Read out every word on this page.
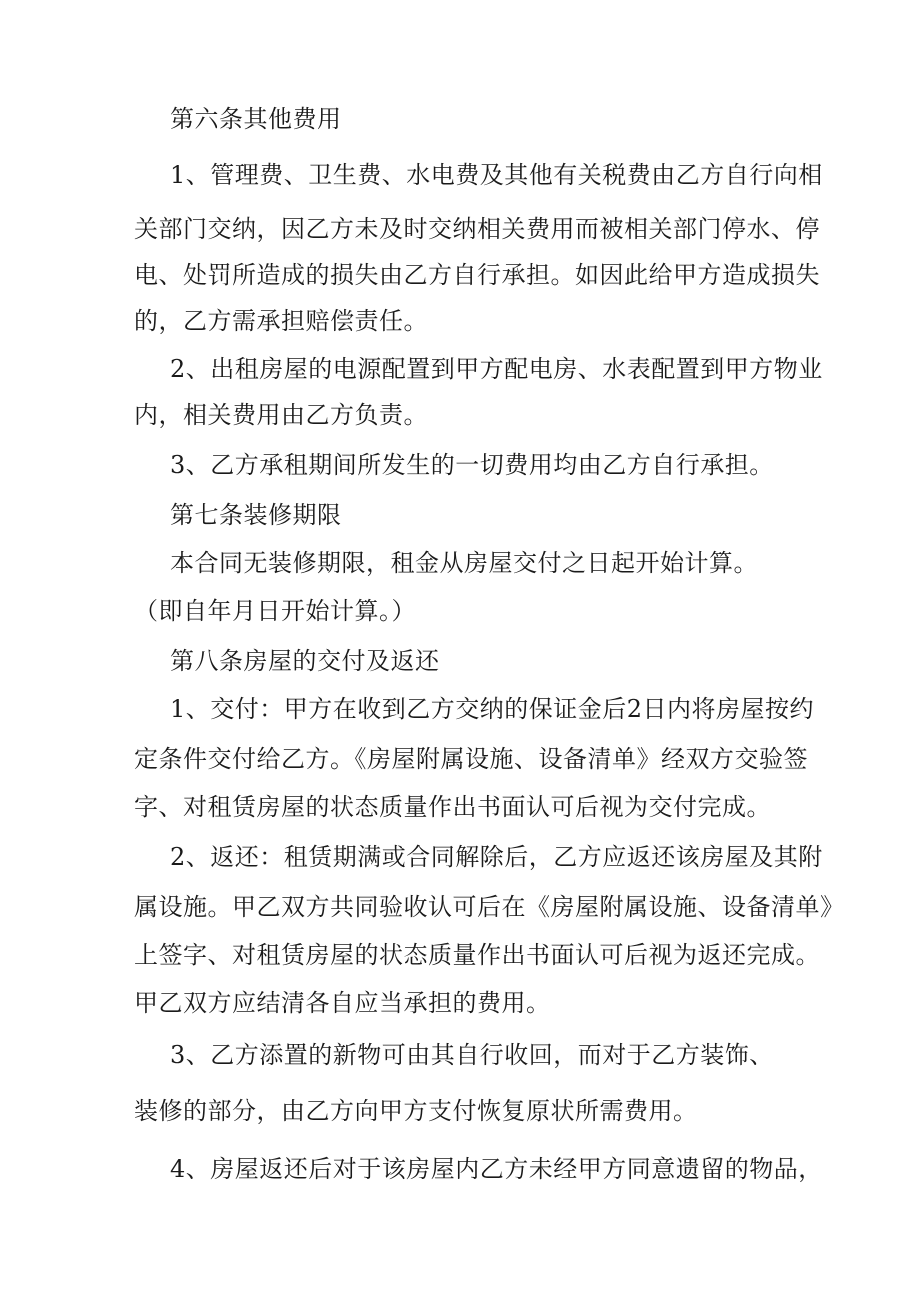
第六条其他费用
1、管理费、卫生费、水电费及其他有关税费由乙方自行向相
关部门交纳，因乙方未及时交纳相关费用而被相关部门停水、停
电、处罚所造成的损失由乙方自行承担。如因此给甲方造成损失
的，乙方需承担赔偿责任。
2、出租房屋的电源配置到甲方配电房、水表配置到甲方物业
内，相关费用由乙方负责。
3、乙方承租期间所发生的一切费用均由乙方自行承担。
第七条装修期限
本合同无装修期限，租金从房屋交付之日起开始计算。
（即自年月日开始计算。）
第八条房屋的交付及返还
1、交付：甲方在收到乙方交纳的保证金后2日内将房屋按约
定条件交付给乙方。《房屋附属设施、设备清单》经双方交验签
字、对租赁房屋的状态质量作出书面认可后视为交付完成。
2、返还：租赁期满或合同解除后，乙方应返还该房屋及其附
属设施。甲乙双方共同验收认可后在《房屋附属设施、设备清单》
上签字、对租赁房屋的状态质量作出书面认可后视为返还完成。
甲乙双方应结清各自应当承担的费用。
3、乙方添置的新物可由其自行收回，而对于乙方装饰、
装修的部分，由乙方向甲方支付恢复原状所需费用。
4、房屋返还后对于该房屋内乙方未经甲方同意遗留的物品，
